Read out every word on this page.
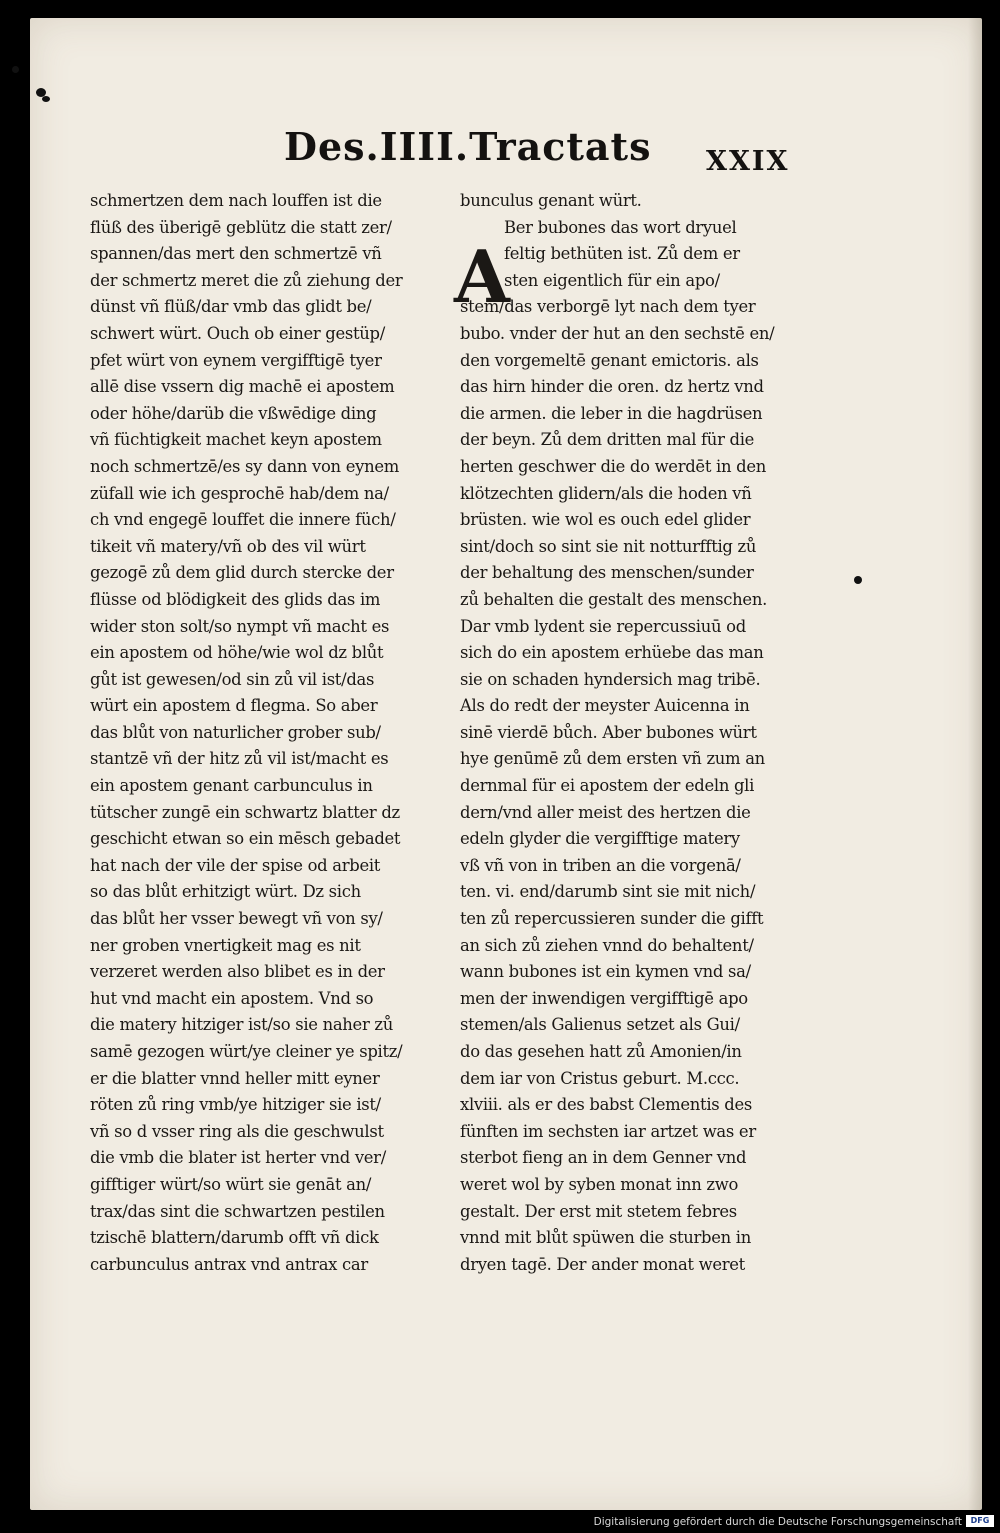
Des.IIII.Tractats XXIX
schmertzen dem nach louffen ist die
flüß des überigē geblütz die statt zer/
spannen/das mert den schmertzē vñ
der schmertz meret die zů ziehung der
dünst vñ flüß/dar vmb das glidt be/
schwert würt. Ouch ob einer gestüp/
pfet würt von eynem vergifftigē tyer
allē dise vssern dig machē ei apostem
oder höhe/darüb die vßwēdige ding
vñ füchtigkeit machet keyn apostem
noch schmertzē/es sy dann von eynem
züfall wie ich gesprochē hab/dem na/
ch vnd engegē louffet die innere füch/
tikeit vñ matery/vñ ob des vil würt
gezogē zů dem glid durch stercke der
flüsse od blödigkeit des glids das im
wider ston solt/so nympt vñ macht es
ein apostem od höhe/wie wol dz blůt
gůt ist gewesen/od sin zů vil ist/das
würt ein apostem d flegma. So aber
das blůt von naturlicher grober sub/
stantzē vñ der hitz zů vil ist/macht es
ein apostem genant carbunculus in
tütscher zungē ein schwartz blatter dz
geschicht etwan so ein mēsch gebadet
hat nach der vile der spise od arbeit
so das blůt erhitzigt würt. Dz sich
das blůt her vsser bewegt vñ von sy/
ner groben vnertigkeit mag es nit
verzeret werden also blibet es in der
hut vnd macht ein apostem. Vnd so
die matery hitziger ist/so sie naher zů
samē gezogen würt/ye cleiner ye spitz/
er die blatter vnnd heller mitt eyner
röten zů ring vmb/ye hitziger sie ist/
vñ so d vsser ring als die geschwulst
die vmb die blater ist herter vnd ver/
gifftiger würt/so würt sie genāt an/
trax/das sint die schwartzen pestilen
tzischē blattern/darumb offt vñ dick
carbunculus antrax vnd antrax car
bunculus genant würt.
A
Ber bubones das wort dryuel
feltig bethüten ist. Zů dem er
sten eigentlich für ein apo/
stem/das verborgē lyt nach dem tyer
bubo. vnder der hut an den sechstē en/
den vorgemeltē genant emictoris. als
das hirn hinder die oren. dz hertz vnd
die armen. die leber in die hagdrüsen
der beyn. Zů dem dritten mal für die
herten geschwer die do werdēt in den
klötzechten glidern/als die hoden vñ
brüsten. wie wol es ouch edel glider
sint/doch so sint sie nit notturfftig zů
der behaltung des menschen/sunder
zů behalten die gestalt des menschen.
Dar vmb lydent sie repercussiuū od
sich do ein apostem erhüebe das man
sie on schaden hyndersich mag tribē.
Als do redt der meyster Auicenna in
sinē vierdē bůch. Aber bubones würt
hye genūmē zů dem ersten vñ zum an
dernmal für ei apostem der edeln gli
dern/vnd aller meist des hertzen die
edeln glyder die vergifftige matery
vß vñ von in triben an die vorgenā/
ten. vi. end/darumb sint sie mit nich/
ten zů repercussieren sunder die gifft
an sich zů ziehen vnnd do behaltent/
wann bubones ist ein kymen vnd sa/
men der inwendigen vergifftigē apo
stemen/als Galienus setzet als Gui/
do das gesehen hatt zů Amonien/in
dem iar von Cristus geburt. M.ccc.
xlviii. als er des babst Clementis des
fünften im sechsten iar artzet was er
sterbot fieng an in dem Genner vnd
weret wol by syben monat inn zwo
gestalt. Der erst mit stetem febres
vnnd mit blůt spüwen die sturben in
dryen tagē. Der ander monat weret
Digitalisierung gefördert durch die Deutsche Forschungsgemeinschaft	DFG
